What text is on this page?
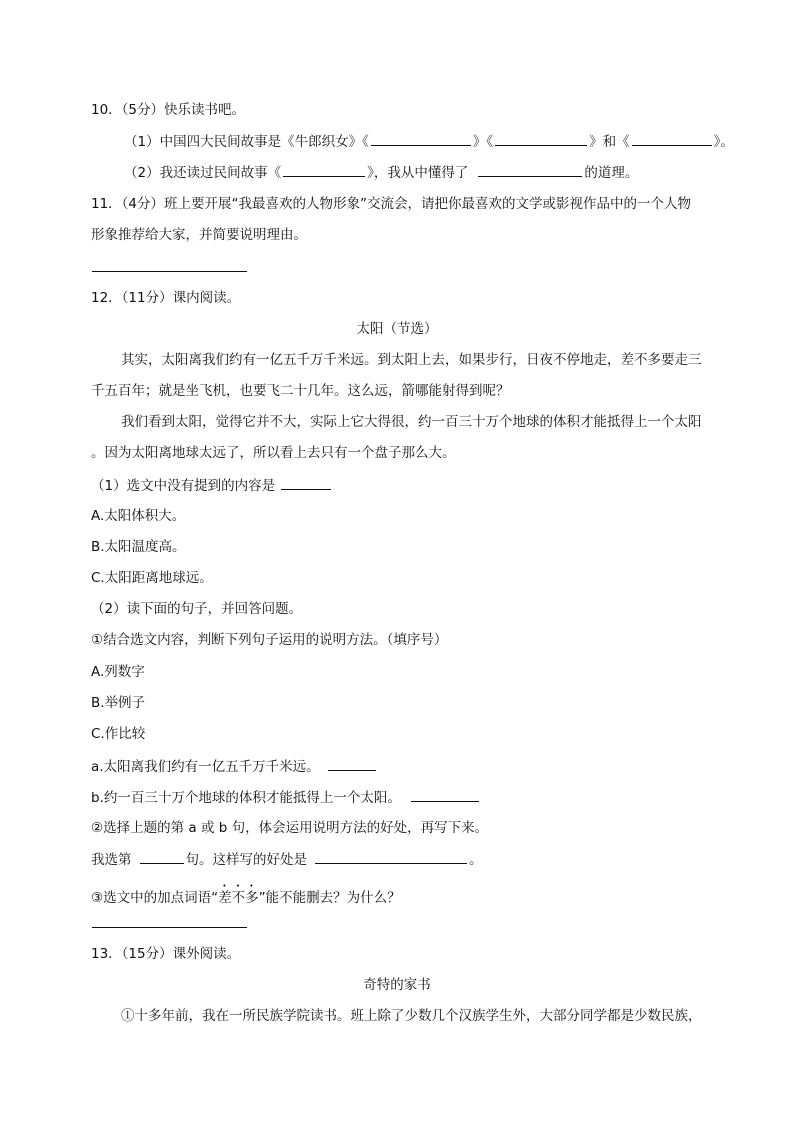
10．（5分）快乐读书吧。
（1）中国四大民间故事是《牛郎织女》《	》《	》和《	》。
（2）我还读过民间故事《	》，我从中懂得了	的道理。
11．（4分）班上要开展“我最喜欢的人物形象”交流会，请把你最喜欢的文学或影视作品中的一个人物
形象推荐给大家，并简要说明理由。
12．（11分）课内阅读。
太阳（节选）
其实，太阳离我们约有一亿五千万千米远。到太阳上去，如果步行，日夜不停地走，差不多要走三
千五百年；就是坐飞机，也要飞二十几年。这么远，箭哪能射得到呢？
我们看到太阳，觉得它并不大，实际上它大得很，约一百三十万个地球的体积才能抵得上一个太阳
。因为太阳离地球太远了，所以看上去只有一个盘子那么大。
（1）选文中没有提到的内容是
A.太阳体积大。
B.太阳温度高。
C.太阳距离地球远。
（2）读下面的句子，并回答问题。
①结合选文内容，判断下列句子运用的说明方法。（填序号）
A.列数字
B.举例子
C.作比较
a.太阳离我们约有一亿五千万千米远。
b.约一百三十万个地球的体积才能抵得上一个太阳。
②选择上题的第 a 或 b 句，体会运用说明方法的好处，再写下来。
我选第	句。这样写的好处是	。
③选文中的加点词语“差不多”能不能删去？为什么？
13．（15分）课外阅读。
奇特的家书
①十多年前，我在一所民族学院读书。班上除了少数几个汉族学生外，大部分同学都是少数民族，
